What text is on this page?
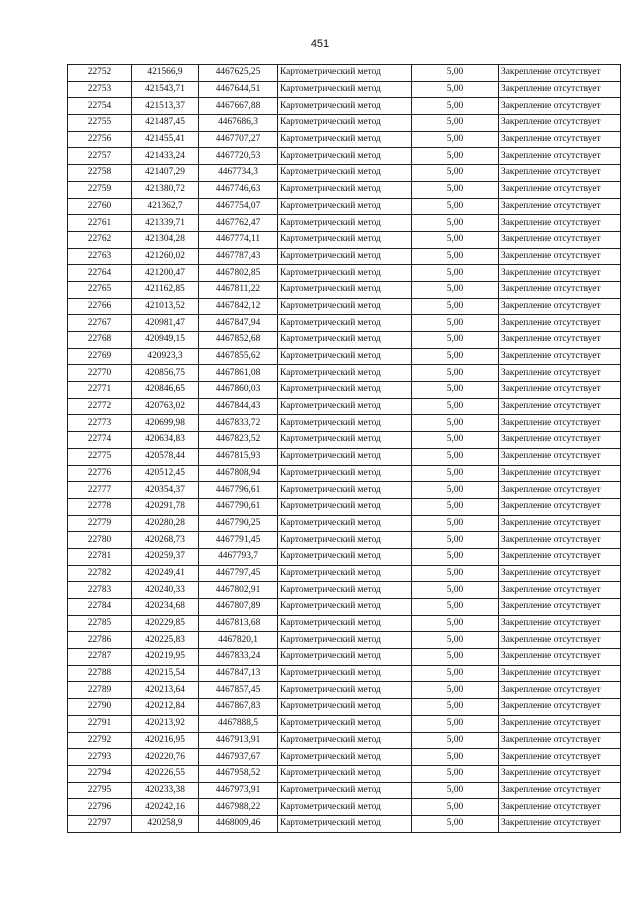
451
22752	421566,9	4467625,25	Картометрический метод	5,00	Закрепление отсутствует
22753	421543,71	4467644,51	Картометрический метод	5,00	Закрепление отсутствует
22754	421513,37	4467667,88	Картометрический метод	5,00	Закрепление отсутствует
22755	421487,45	4467686,3	Картометрический метод	5,00	Закрепление отсутствует
22756	421455,41	4467707,27	Картометрический метод	5,00	Закрепление отсутствует
22757	421433,24	4467720,53	Картометрический метод	5,00	Закрепление отсутствует
22758	421407,29	4467734,3	Картометрический метод	5,00	Закрепление отсутствует
22759	421380,72	4467746,63	Картометрический метод	5,00	Закрепление отсутствует
22760	421362,7	4467754,07	Картометрический метод	5,00	Закрепление отсутствует
22761	421339,71	4467762,47	Картометрический метод	5,00	Закрепление отсутствует
22762	421304,28	4467774,11	Картометрический метод	5,00	Закрепление отсутствует
22763	421260,02	4467787,43	Картометрический метод	5,00	Закрепление отсутствует
22764	421200,47	4467802,85	Картометрический метод	5,00	Закрепление отсутствует
22765	421162,85	4467811,22	Картометрический метод	5,00	Закрепление отсутствует
22766	421013,52	4467842,12	Картометрический метод	5,00	Закрепление отсутствует
22767	420981,47	4467847,94	Картометрический метод	5,00	Закрепление отсутствует
22768	420949,15	4467852,68	Картометрический метод	5,00	Закрепление отсутствует
22769	420923,3	4467855,62	Картометрический метод	5,00	Закрепление отсутствует
22770	420856,75	4467861,08	Картометрический метод	5,00	Закрепление отсутствует
22771	420846,65	4467860,03	Картометрический метод	5,00	Закрепление отсутствует
22772	420763,02	4467844,43	Картометрический метод	5,00	Закрепление отсутствует
22773	420699,98	4467833,72	Картометрический метод	5,00	Закрепление отсутствует
22774	420634,83	4467823,52	Картометрический метод	5,00	Закрепление отсутствует
22775	420578,44	4467815,93	Картометрический метод	5,00	Закрепление отсутствует
22776	420512,45	4467808,94	Картометрический метод	5,00	Закрепление отсутствует
22777	420354,37	4467796,61	Картометрический метод	5,00	Закрепление отсутствует
22778	420291,78	4467790,61	Картометрический метод	5,00	Закрепление отсутствует
22779	420280,28	4467790,25	Картометрический метод	5,00	Закрепление отсутствует
22780	420268,73	4467791,45	Картометрический метод	5,00	Закрепление отсутствует
22781	420259,37	4467793,7	Картометрический метод	5,00	Закрепление отсутствует
22782	420249,41	4467797,45	Картометрический метод	5,00	Закрепление отсутствует
22783	420240,33	4467802,91	Картометрический метод	5,00	Закрепление отсутствует
22784	420234,68	4467807,89	Картометрический метод	5,00	Закрепление отсутствует
22785	420229,85	4467813,68	Картометрический метод	5,00	Закрепление отсутствует
22786	420225,83	4467820,1	Картометрический метод	5,00	Закрепление отсутствует
22787	420219,95	4467833,24	Картометрический метод	5,00	Закрепление отсутствует
22788	420215,54	4467847,13	Картометрический метод	5,00	Закрепление отсутствует
22789	420213,64	4467857,45	Картометрический метод	5,00	Закрепление отсутствует
22790	420212,84	4467867,83	Картометрический метод	5,00	Закрепление отсутствует
22791	420213,92	4467888,5	Картометрический метод	5,00	Закрепление отсутствует
22792	420216,95	4467913,91	Картометрический метод	5,00	Закрепление отсутствует
22793	420220,76	4467937,67	Картометрический метод	5,00	Закрепление отсутствует
22794	420226,55	4467958,52	Картометрический метод	5,00	Закрепление отсутствует
22795	420233,38	4467973,91	Картометрический метод	5,00	Закрепление отсутствует
22796	420242,16	4467988,22	Картометрический метод	5,00	Закрепление отсутствует
22797	420258,9	4468009,46	Картометрический метод	5,00	Закрепление отсутствует
